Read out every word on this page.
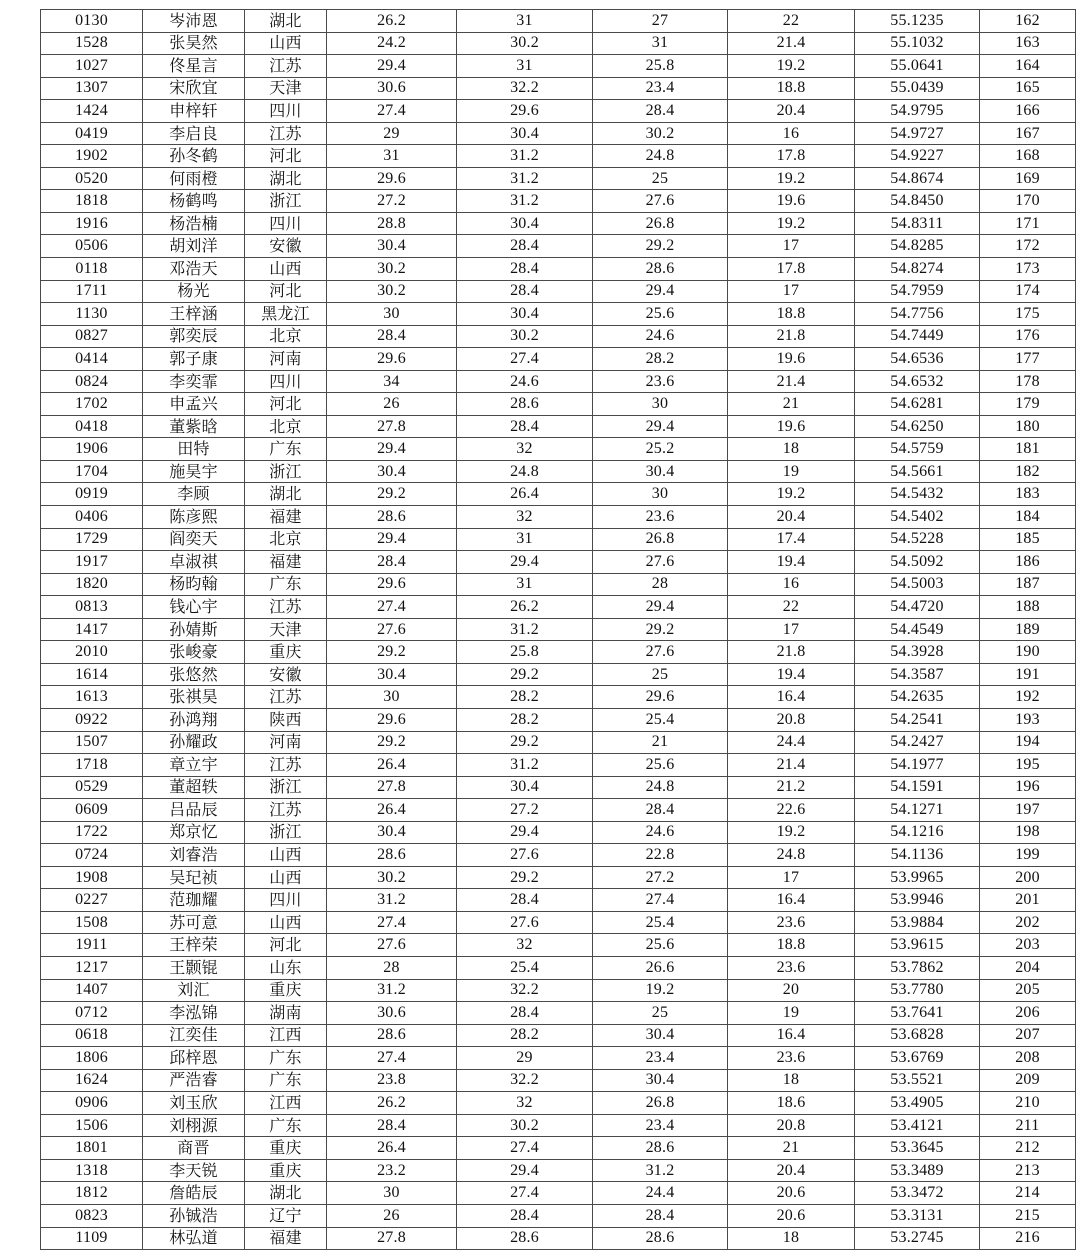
0130	岑沛恩	湖北	26.2	31	27	22	55.1235	162
1528	张昊然	山西	24.2	30.2	31	21.4	55.1032	163
1027	佟星言	江苏	29.4	31	25.8	19.2	55.0641	164
1307	宋欣宜	天津	30.6	32.2	23.4	18.8	55.0439	165
1424	申梓轩	四川	27.4	29.6	28.4	20.4	54.9795	166
0419	李启良	江苏	29	30.4	30.2	16	54.9727	167
1902	孙冬鹤	河北	31	31.2	24.8	17.8	54.9227	168
0520	何雨橙	湖北	29.6	31.2	25	19.2	54.8674	169
1818	杨鹤鸣	浙江	27.2	31.2	27.6	19.6	54.8450	170
1916	杨浩楠	四川	28.8	30.4	26.8	19.2	54.8311	171
0506	胡刘洋	安徽	30.4	28.4	29.2	17	54.8285	172
0118	邓浩天	山西	30.2	28.4	28.6	17.8	54.8274	173
1711	杨光	河北	30.2	28.4	29.4	17	54.7959	174
1130	王梓涵	黑龙江	30	30.4	25.6	18.8	54.7756	175
0827	郭奕辰	北京	28.4	30.2	24.6	21.8	54.7449	176
0414	郭子康	河南	29.6	27.4	28.2	19.6	54.6536	177
0824	李奕霏	四川	34	24.6	23.6	21.4	54.6532	178
1702	申孟兴	河北	26	28.6	30	21	54.6281	179
0418	董紫晗	北京	27.8	28.4	29.4	19.6	54.6250	180
1906	田特	广东	29.4	32	25.2	18	54.5759	181
1704	施昊宇	浙江	30.4	24.8	30.4	19	54.5661	182
0919	李顾	湖北	29.2	26.4	30	19.2	54.5432	183
0406	陈彦熙	福建	28.6	32	23.6	20.4	54.5402	184
1729	阎奕天	北京	29.4	31	26.8	17.4	54.5228	185
1917	卓淑祺	福建	28.4	29.4	27.6	19.4	54.5092	186
1820	杨昀翰	广东	29.6	31	28	16	54.5003	187
0813	钱心宇	江苏	27.4	26.2	29.4	22	54.4720	188
1417	孙婧斯	天津	27.6	31.2	29.2	17	54.4549	189
2010	张峻豪	重庆	29.2	25.8	27.6	21.8	54.3928	190
1614	张悠然	安徽	30.4	29.2	25	19.4	54.3587	191
1613	张祺昊	江苏	30	28.2	29.6	16.4	54.2635	192
0922	孙鸿翔	陕西	29.6	28.2	25.4	20.8	54.2541	193
1507	孙耀政	河南	29.2	29.2	21	24.4	54.2427	194
1718	章立宇	江苏	26.4	31.2	25.6	21.4	54.1977	195
0529	董超轶	浙江	27.8	30.4	24.8	21.2	54.1591	196
0609	吕品辰	江苏	26.4	27.2	28.4	22.6	54.1271	197
1722	郑京忆	浙江	30.4	29.4	24.6	19.2	54.1216	198
0724	刘睿浩	山西	28.6	27.6	22.8	24.8	54.1136	199
1908	吴玘祯	山西	30.2	29.2	27.2	17	53.9965	200
0227	范珈耀	四川	31.2	28.4	27.4	16.4	53.9946	201
1508	苏可意	山西	27.4	27.6	25.4	23.6	53.9884	202
1911	王梓荣	河北	27.6	32	25.6	18.8	53.9615	203
1217	王颢锟	山东	28	25.4	26.6	23.6	53.7862	204
1407	刘汇	重庆	31.2	32.2	19.2	20	53.7780	205
0712	李泓锦	湖南	30.6	28.4	25	19	53.7641	206
0618	江奕佳	江西	28.6	28.2	30.4	16.4	53.6828	207
1806	邱梓恩	广东	27.4	29	23.4	23.6	53.6769	208
1624	严浩睿	广东	23.8	32.2	30.4	18	53.5521	209
0906	刘玉欣	江西	26.2	32	26.8	18.6	53.4905	210
1506	刘栩源	广东	28.4	30.2	23.4	20.8	53.4121	211
1801	商晋	重庆	26.4	27.4	28.6	21	53.3645	212
1318	李天锐	重庆	23.2	29.4	31.2	20.4	53.3489	213
1812	詹皓辰	湖北	30	27.4	24.4	20.6	53.3472	214
0823	孙铖浩	辽宁	26	28.4	28.4	20.6	53.3131	215
1109	林弘道	福建	27.8	28.6	28.6	18	53.2745	216
